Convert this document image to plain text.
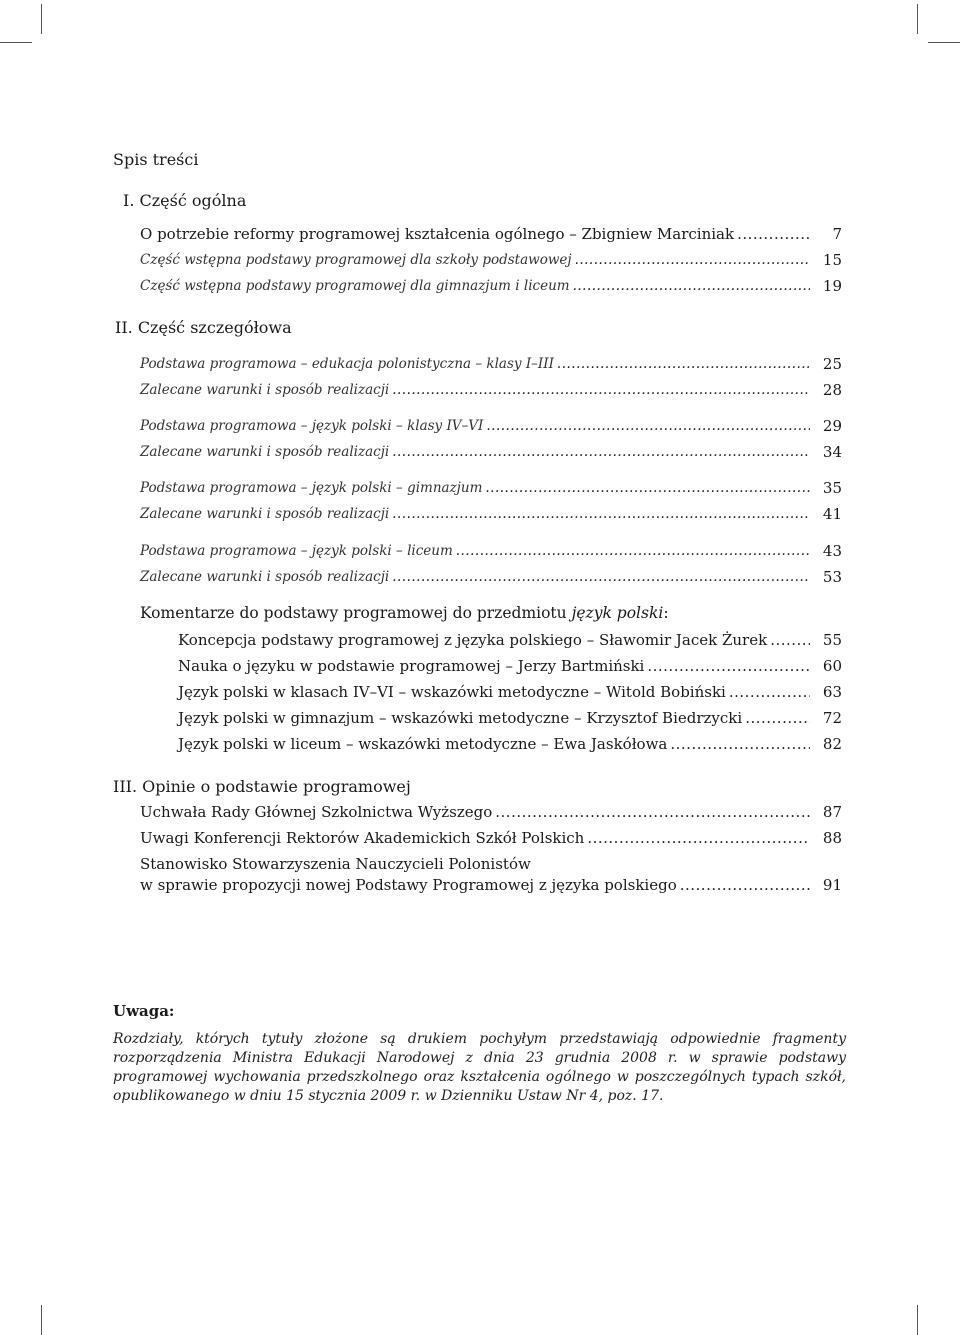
Spis treści
I. Część ogólna
O potrzebie reformy programowej kształcenia ogólnego – Zbigniew Marciniak .....	7
Część wstępna podstawy programowej dla szkoły podstawowej .....	15
Część wstępna podstawy programowej dla gimnazjum i liceum .....	19
II. Część szczegółowa
Podstawa programowa – edukacja polonistyczna – klasy I–III .....	25
Zalecane warunki i sposób realizacji .....	28
Podstawa programowa – język polski – klasy IV–VI .....	29
Zalecane warunki i sposób realizacji .....	34
Podstawa programowa – język polski – gimnazjum .....	35
Zalecane warunki i sposób realizacji .....	41
Podstawa programowa – język polski – liceum .....	43
Zalecane warunki i sposób realizacji .....	53
Komentarze do podstawy programowej do przedmiotu język polski:
Koncepcja podstawy programowej z języka polskiego – Sławomir Jacek Żurek .....	55
Nauka o języku w podstawie programowej – Jerzy Bartmiński .....	60
Język polski w klasach IV–VI – wskazówki metodyczne – Witold Bobiński .....	63
Język polski w gimnazjum – wskazówki metodyczne – Krzysztof Biedrzycki .....	72
Język polski w liceum – wskazówki metodyczne – Ewa Jaskółowa .....	82
III. Opinie o podstawie programowej
Uchwała Rady Głównej Szkolnictwa Wyższego .....	87
Uwagi Konferencji Rektorów Akademickich Szkół Polskich .....	88
Stanowisko Stowarzyszenia Nauczycieli Polonistów
w sprawie propozycji nowej Podstawy Programowej z języka polskiego .....	91
Uwaga:
Rozdziały, których tytuły złożone są drukiem pochyłym przedstawiają odpowiednie fragmenty rozporządzenia Ministra Edukacji Narodowej z dnia 23 grudnia 2008 r. w sprawie podstawy programowej wychowania przedszkolnego oraz kształcenia ogólnego w poszczególnych typach szkół, opublikowanego w dniu 15 stycznia 2009 r. w Dzienniku Ustaw Nr 4, poz. 17.
